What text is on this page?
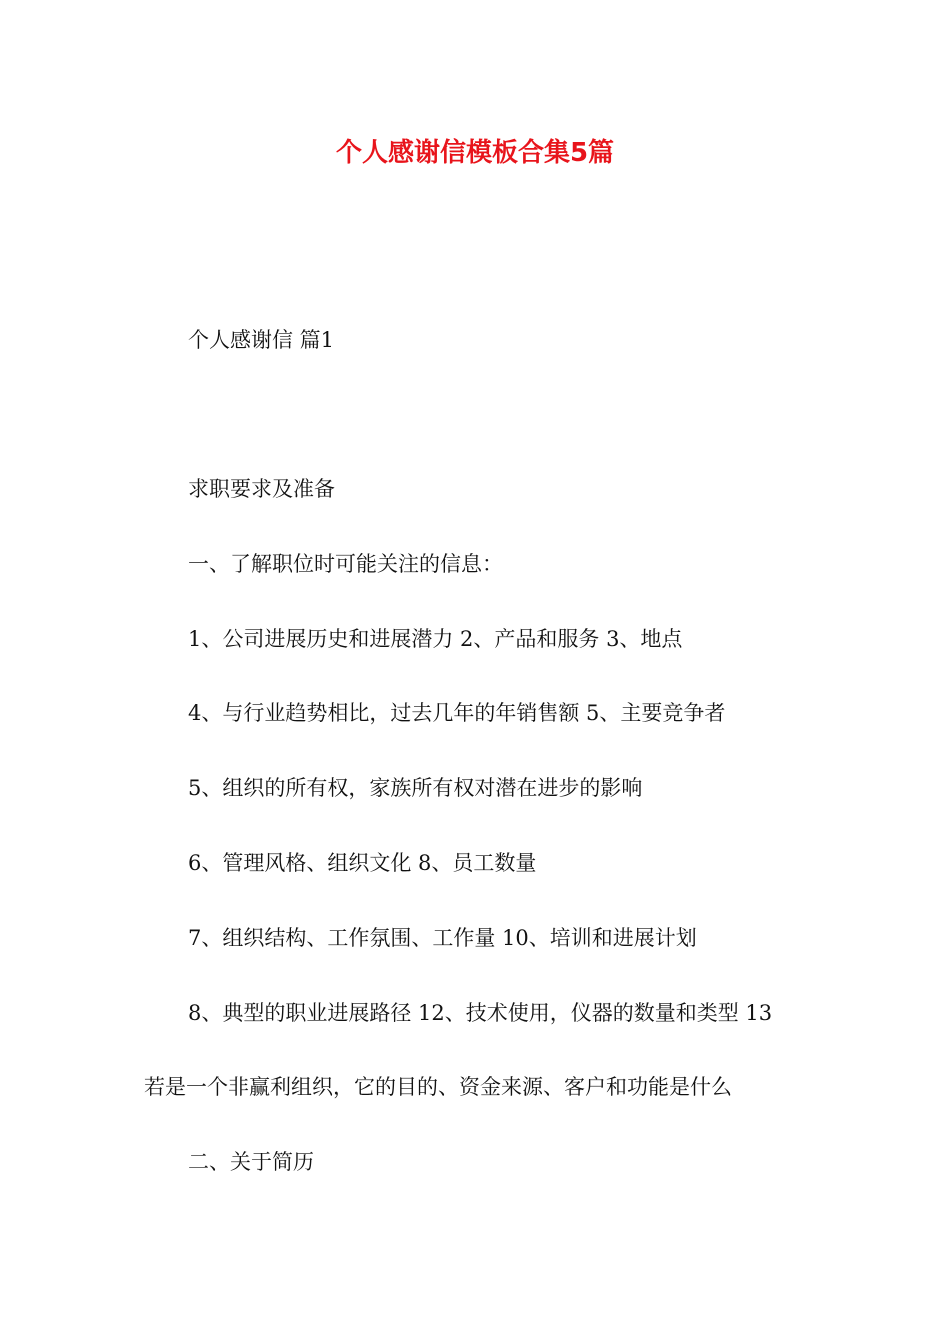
个人感谢信模板合集5篇

个人感谢信 篇1

求职要求及准备

一、了解职位时可能关注的信息：

1、公司进展历史和进展潜力 2、产品和服务 3、地点

4、与行业趋势相比，过去几年的年销售额 5、主要竞争者

5、组织的所有权，家族所有权对潜在进步的影响

6、管理风格、组织文化 8、员工数量

7、组织结构、工作氛围、工作量 10、培训和进展计划

8、典型的职业进展路径 12、技术使用，仪器的数量和类型 13

若是一个非赢利组织，它的目的、资金来源、客户和功能是什么

二、关于简历
